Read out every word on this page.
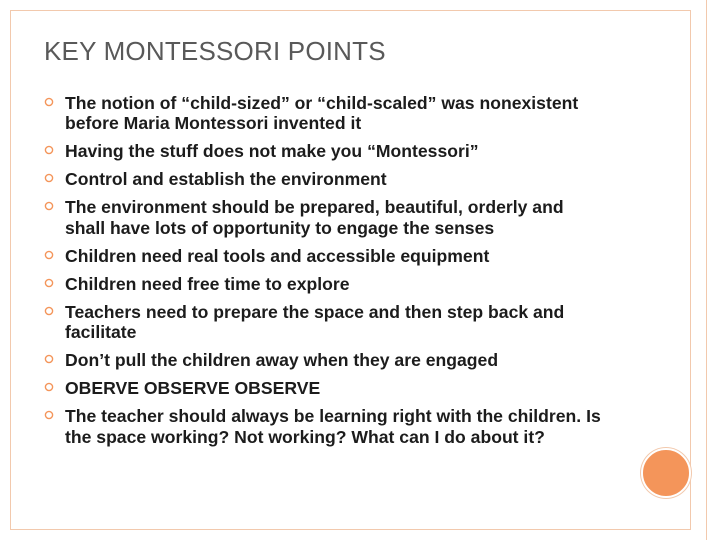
KEY MONTESSORI POINTS
The notion of “child-sized” or “child-scaled” was nonexistent before Maria Montessori invented it
Having the stuff does not make you “Montessori”
Control and establish the environment
The environment should be prepared, beautiful, orderly and shall have lots of opportunity to engage the senses
Children need real tools and accessible equipment
Children need free time to explore
Teachers need to prepare the space and then step back and facilitate
Don’t pull the children away when they are engaged
OBERVE OBSERVE OBSERVE
The teacher should always be learning right with the children. Is the space working? Not working? What can I do about it?
